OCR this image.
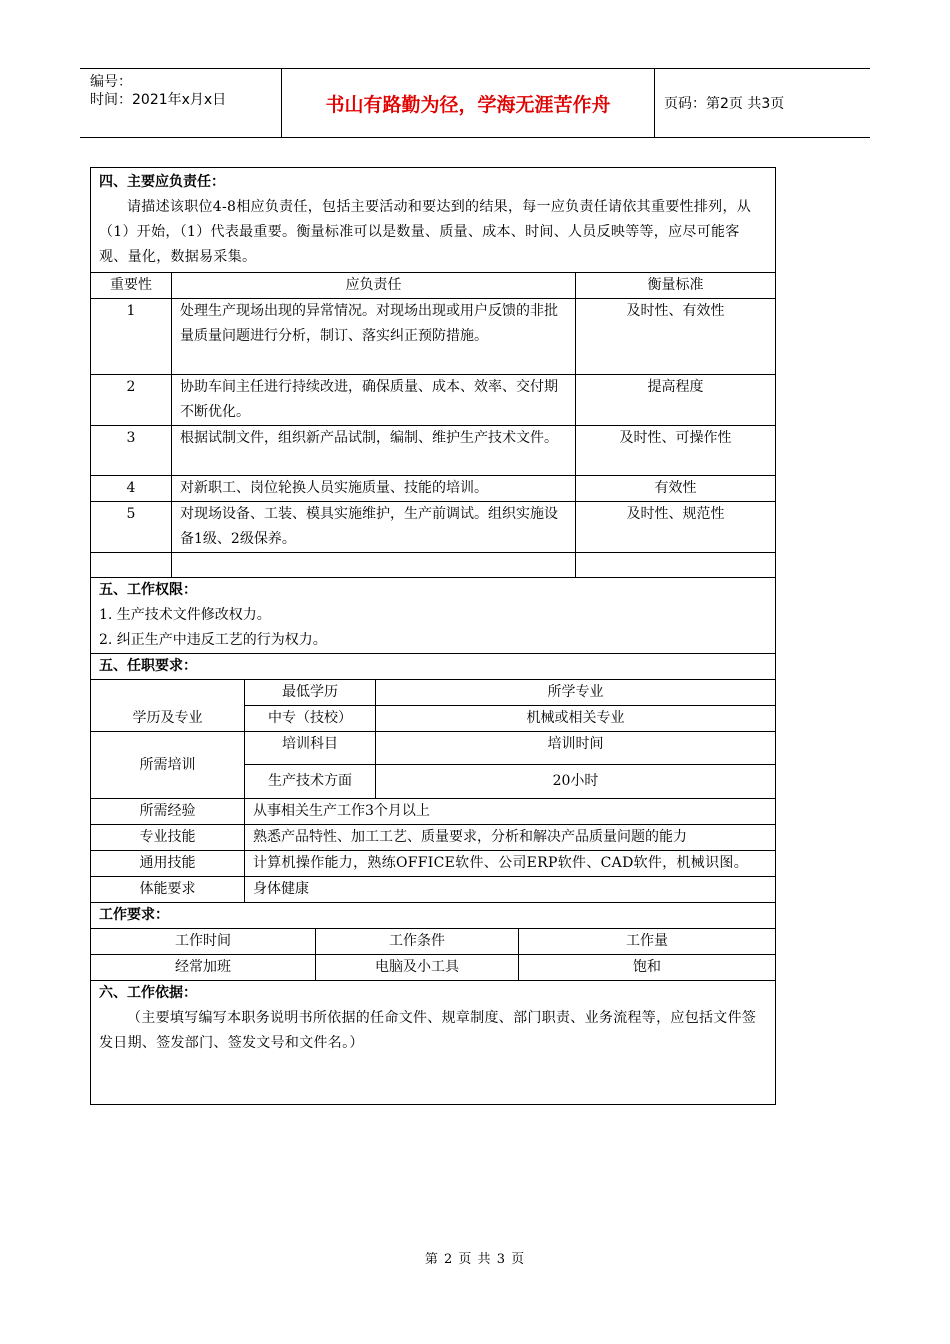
编号：
时间：2021年x月x日	书山有路勤为径，学海无涯苦作舟	页码：第2页 共3页
四、主要应负责任：
请描述该职位4-8相应负责任，包括主要活动和要达到的结果，每一应负责任请依其重要性排列，从（1）开始，（1）代表最重要。衡量标准可以是数量、质量、成本、时间、人员反映等等，应尽可能客观、量化，数据易采集。		

重要性	应负责任	衡量标准
1	处理生产现场出现的异常情况。对现场出现或用户反馈的非批量质量问题进行分析，制订、落实纠正预防措施。	及时性、有效性
2	协助车间主任进行持续改进，确保质量、成本、效率、交付期不断优化。	提高程度
3	根据试制文件，组织新产品试制，编制、维护生产技术文件。	及时性、可操作性
4	对新职工、岗位轮换人员实施质量、技能的培训。	有效性
5	对现场设备、工装、模具实施维护，生产前调试。组织实施设备1级、2级保养。	及时性、规范性

五、工作权限：
1. 生产技术文件修改权力。
2. 纠正生产中违反工艺的行为权力。		

五、任职要求：		
学历及专业	最低学历	所学专业
	中专（技校）	机械或相关专业
所需培训	培训科目	培训时间
	生产技术方面	20小时
所需经验	从事相关生产工作3个月以上	
专业技能	熟悉产品特性、加工工艺、质量要求，分析和解决产品质量问题的能力	
通用技能	计算机操作能力，熟练OFFICE软件、公司ERP软件、CAD软件，机械识图。	
体能要求	身体健康	
工作要求：		
工作时间	工作条件	工作量
经常加班	电脑及小工具	饱和

六、工作依据：
（主要填写编写本职务说明书所依据的任命文件、规章制度、部门职责、业务流程等，应包括文件签发日期、签发部门、签发文号和文件名。）		
第 2 页 共 3 页
